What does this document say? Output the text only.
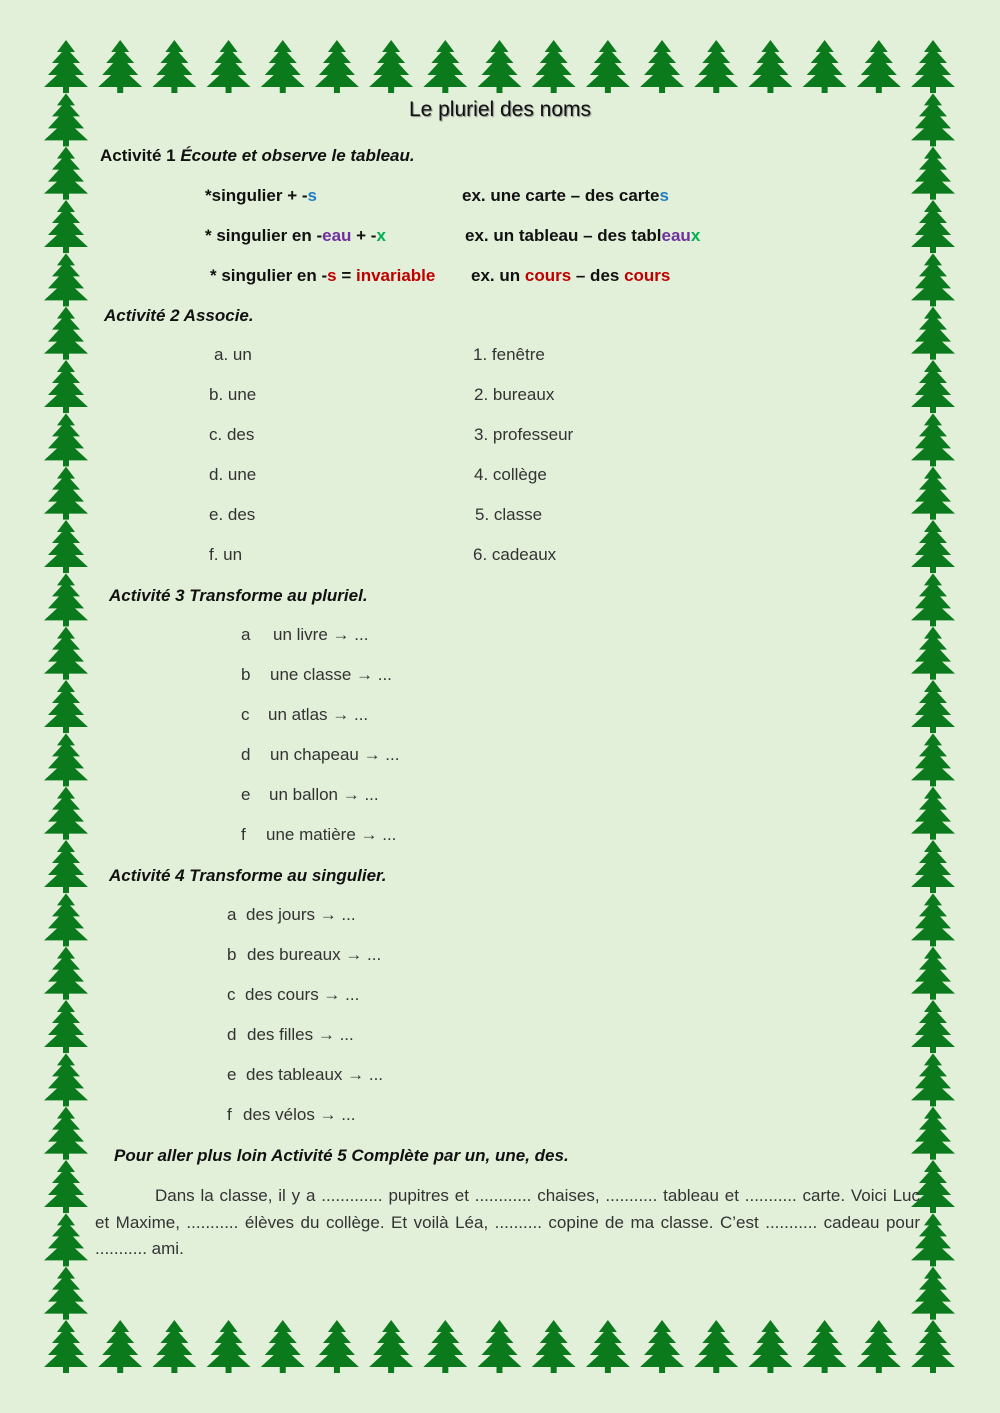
Le pluriel des noms
Activité 1 Écoute et observe le tableau.
*singulier + -s	ex. une carte – des cartes
* singulier en -eau + -x	ex. un tableau – des tableaux
* singulier en -s = invariable ex. un cours – des cours
Activité 2 Associe.
a. un
b. une
c. des
d. une
e. des
f. un
1. fenêtre
2. bureaux
3. professeur
4. collège
5. classe
6. cadeaux
Activité 3 Transforme au pluriel.
a un livre → ...
b une classe → ...
c un atlas → ...
d un chapeau → ...
e un ballon → ...
f une matière → ...
Activité 4 Transforme au singulier.
a des jours → ...
b des bureaux → ...
c des cours → ...
d des filles → ...
e des tableaux → ...
f des vélos → ...
Pour aller plus loin Activité 5 Complète par un, une, des.
Dans la classe, il y a ............. pupitres et ............ chaises, ........... tableau et ........... carte. Voici Luc et Maxime, ........... élèves du collège. Et voilà Léa, .......... copine de ma classe. C’est ........... cadeau pour ........... ami.
